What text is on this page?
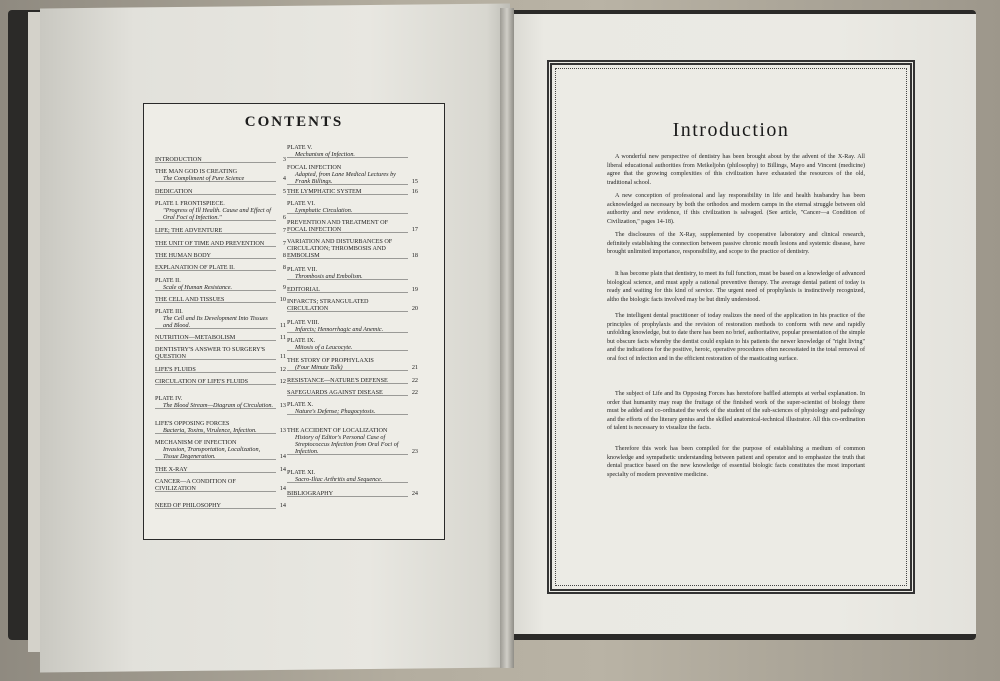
CONTENTS
INTRODUCTION	3
THE MAN GOD IS CREATING
The Compliment of Pure Science	4
DEDICATION	5
PLATE I. FRONTISPIECE.
"Progress of Ill Health. Cause and Effect of Oral Foci of Infection."	6
LIFE; THE ADVENTURE	7
THE UNIT OF TIME AND PREVENTION	7
THE HUMAN BODY	8
EXPLANATION OF PLATE II.	8
PLATE II.
Scale of Human Resistance.	9
THE CELL AND TISSUES	10
PLATE III.
The Cell and Its Development Into Tissues and Blood.	11
NUTRITION—METABOLISM	11
DENTISTRY'S ANSWER TO SURGERY'S QUESTION	11
LIFE'S FLUIDS	12
CIRCULATION OF LIFE'S FLUIDS	12
PLATE IV.
The Blood Stream—Diagram of Circulation.	13
LIFE'S OPPOSING FORCES
Bacteria, Toxins, Virulence, Infection.	13
MECHANISM OF INFECTION
Invasion, Transportation, Localization, Tissue Degeneration.	14
THE X-RAY	14
CANCER—A CONDITION OF CIVILIZATION	14
NEED OF PHILOSOPHY	14
PLATE V.
Mechanism of Infection.
FOCAL INFECTION
Adapted, from Lane Medical Lectures by Frank Billings.	15
THE LYMPHATIC SYSTEM	16
PLATE VI.
Lymphatic Circulation.
PREVENTION AND TREATMENT OF FOCAL INFECTION	17
VARIATION AND DISTURBANCES OF CIRCULATION; THROMBOSIS AND EMBOLISM	18
PLATE VII.
Thrombosis and Embolism.
EDITORIAL	19
INFARCTS; STRANGULATED CIRCULATION	20
PLATE VIII.
Infarcts; Hemorrhagic and Anemic.
PLATE IX.
Mitosis of a Leucocyte.
THE STORY OF PROPHYLAXIS
(Four Minute Talk)	21
RESISTANCE—NATURE'S DEFENSE	22
SAFEGUARDS AGAINST DISEASE	22
PLATE X.
Nature's Defense; Phagocytosis.
THE ACCIDENT OF LOCALIZATION
History of Editor's Personal Case of Streptococcus Infection from Oral Foci of Infection.	23
PLATE XI.
Sacro-Iliac Arthritis and Sequence.
BIBLIOGRAPHY	24
Introduction
A wonderful new perspective of dentistry has been brought about by the advent of the X-Ray. All liberal educational authorities from Meikeljohn (philosophy) to Billings, Mayo and Vincent (medicine) agree that the growing complexities of this civilization have exhausted the resources of the old, traditional school.
A new conception of professional and lay responsibility in life and health husbandry has been acknowledged as necessary by both the orthodox and modern camps in the eternal struggle between old authority and new evidence, if this civilization is salvaged. (See article, "Cancer—a Condition of Civilization," pages 14-18).
The disclosures of the X-Ray, supplemented by cooperative laboratory and clinical research, definitely establishing the connection between passive chronic mouth lesions and systemic disease, have brought unlimited importance, responsibility, and scope to the practice of dentistry.
It has become plain that dentistry, to meet its full function, must be based on a knowledge of advanced biological science, and must apply a rational preventive therapy. The average dental patient of today is ready and waiting for this kind of service. The urgent need of prophylaxis is instinctively recognized, altho the biologic facts involved may be but dimly understood.
The intelligent dental practitioner of today realizes the need of the application in his practice of the principles of prophylaxis and the revision of restoration methods to conform with new and rapidly unfolding knowledge, but to date there has been no brief, authoritative, popular presentation of the simple but obscure facts whereby the dentist could explain to his patients the newer knowledge of "right living" and the indications for the positive, heroic, operative procedures often necessitated in the total removal of oral foci of infection and in the efficient restoration of the masticating surface.
The subject of Life and Its Opposing Forces has heretofore baffled attempts at verbal explanation. In order that humanity may reap the fruitage of the finished work of the super-scientist of biology there must be added and co-ordinated the work of the student of the sub-sciences of physiology and pathology and the efforts of the literary genius and the skilled anatomical-technical illustrator. All this co-ordination of talent is necessary to visualize the facts.
Therefore this work has been compiled for the purpose of establishing a medium of common knowledge and sympathetic understanding between patient and operator and to emphasize the truth that dental practice based on the new knowledge of essential biologic facts constitutes the most important specialty of modern preventive medicine.
